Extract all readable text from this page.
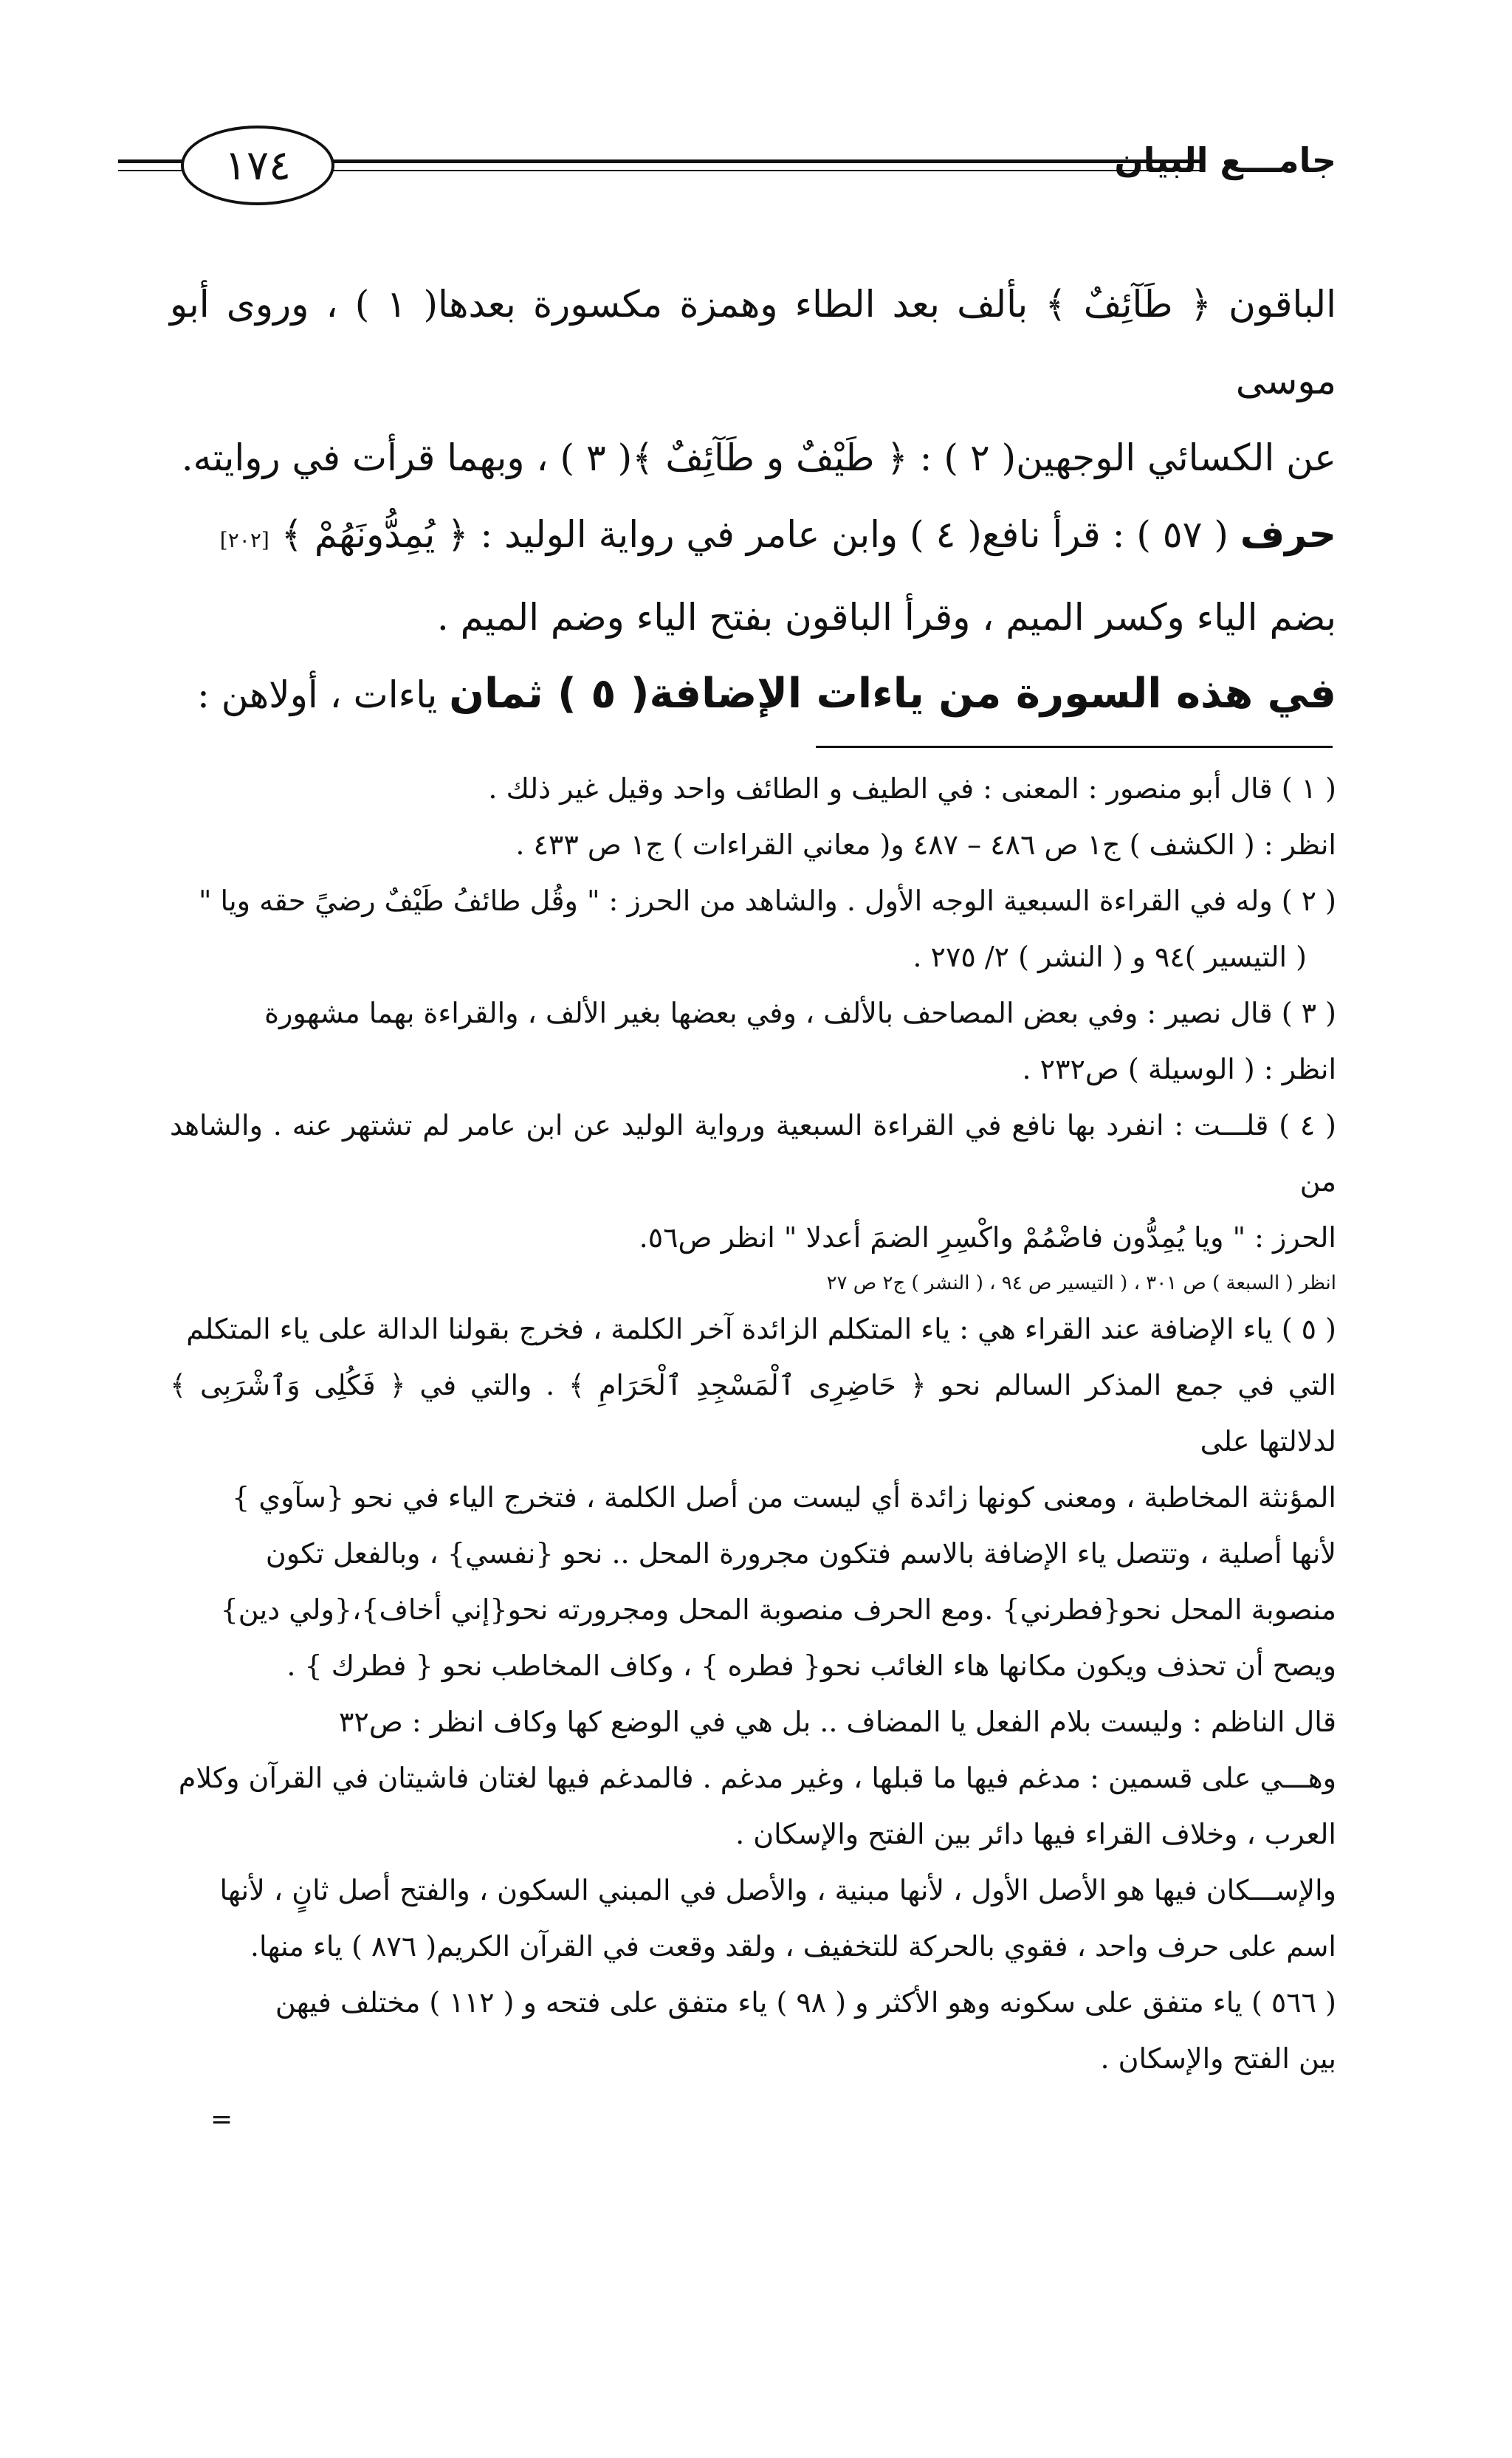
١٧٤	جامـــع البيان

الباقون ﴿ طَآئِفٌ ﴾ بألف بعد الطاء وهمزة مكسورة بعدها( ١ ) ، وروى أبو موسى

عن الكسائي الوجهين( ٢ ) : ﴿ طَيْفٌ و طَآئِفٌ ﴾( ٣ ) ، وبهما قرأت في روايته.

حرف ( ٥٧ ) : قرأ نافع( ٤ ) وابن عامر في رواية الوليد : ﴿ يُمِدُّونَهُمْ ﴾ [٢٠٢]

بضم الياء وكسر الميم ، وقرأ الباقون بفتح الياء وضم الميم .

في هذه السورة من ياءات الإضافة( ٥ ) ثمان ياءات ، أولاهن :

( ١ ) قال أبو منصور : المعنى : في الطيف و الطائف واحد وقيل غير ذلك .

انظر : ( الكشف ) ج١ ص ٤٨٦ – ٤٨٧ و( معاني القراءات ) ج١ ص ٤٣٣ .

( ٢ ) وله في القراءة السبعية الوجه الأول . والشاهد من الحرز : " وقُل طائفُ طَيْفٌ رضيً حقه ويا "

( التيسير )٩٤ و ( النشر ) ٢/ ٢٧٥ .

( ٣ ) قال نصير : وفي بعض المصاحف بالألف ، وفي بعضها بغير الألف ، والقراءة بهما مشهورة

انظر : ( الوسيلة ) ص٢٣٢ .

( ٤ ) قلـــت : انفرد بها نافع في القراءة السبعية ورواية الوليد عن ابن عامر لم تشتهر عنه . والشاهد من

الحرز : " ويا يُمِدُّون فاضْمُمْ واكْسِرِ الضمَ أعدلا " انظر ص٥٦.

انظر ( السبعة ) ص ٣٠١ ، ( التيسير ص ٩٤ ، ( النشر ) ج٢ ص ٢٧

( ٥ ) ياء الإضافة عند القراء هي : ياء المتكلم الزائدة آخر الكلمة ، فخرج بقولنا الدالة على ياء المتكلم

التي في جمع المذكر السالم نحو ﴿ حَاضِرِى ٱلْمَسْجِدِ ٱلْحَرَامِ ﴾ . والتي في ﴿ فَكُلِى وَٱشْرَبِى ﴾ لدلالتها على

المؤنثة المخاطبة ، ومعنى كونها زائدة أي ليست من أصل الكلمة ، فتخرج الياء في نحو {سآوي }

لأنها أصلية ، وتتصل ياء الإضافة بالاسم فتكون مجرورة المحل .. نحو {نفسي} ، وبالفعل تكون

منصوبة المحل نحو{فطرني} .ومع الحرف منصوبة المحل ومجرورته نحو{إني أخاف}،{ولي دين}

ويصح أن تحذف ويكون مكانها هاء الغائب نحو{ فطره } ، وكاف المخاطب نحو { فطرك } .

قال الناظم : وليست بلام الفعل يا المضاف .. بل هي في الوضع كها وكاف انظر : ص٣٢

وهـــي على قسمين : مدغم فيها ما قبلها ، وغير مدغم . فالمدغم فيها لغتان فاشيتان في القرآن وكلام

العرب ، وخلاف القراء فيها دائر بين الفتح والإسكان .

والإســـكان فيها هو الأصل الأول ، لأنها مبنية ، والأصل في المبني السكون ، والفتح أصل ثانٍ ، لأنها

اسم على حرف واحد ، فقوي بالحركة للتخفيف ، ولقد وقعت في القرآن الكريم( ٨٧٦ ) ياء منها.

( ٥٦٦ ) ياء متفق على سكونه وهو الأكثر و ( ٩٨ ) ياء متفق على فتحه و ( ١١٢ ) مختلف فيهن

بين الفتح والإسكان .

=
